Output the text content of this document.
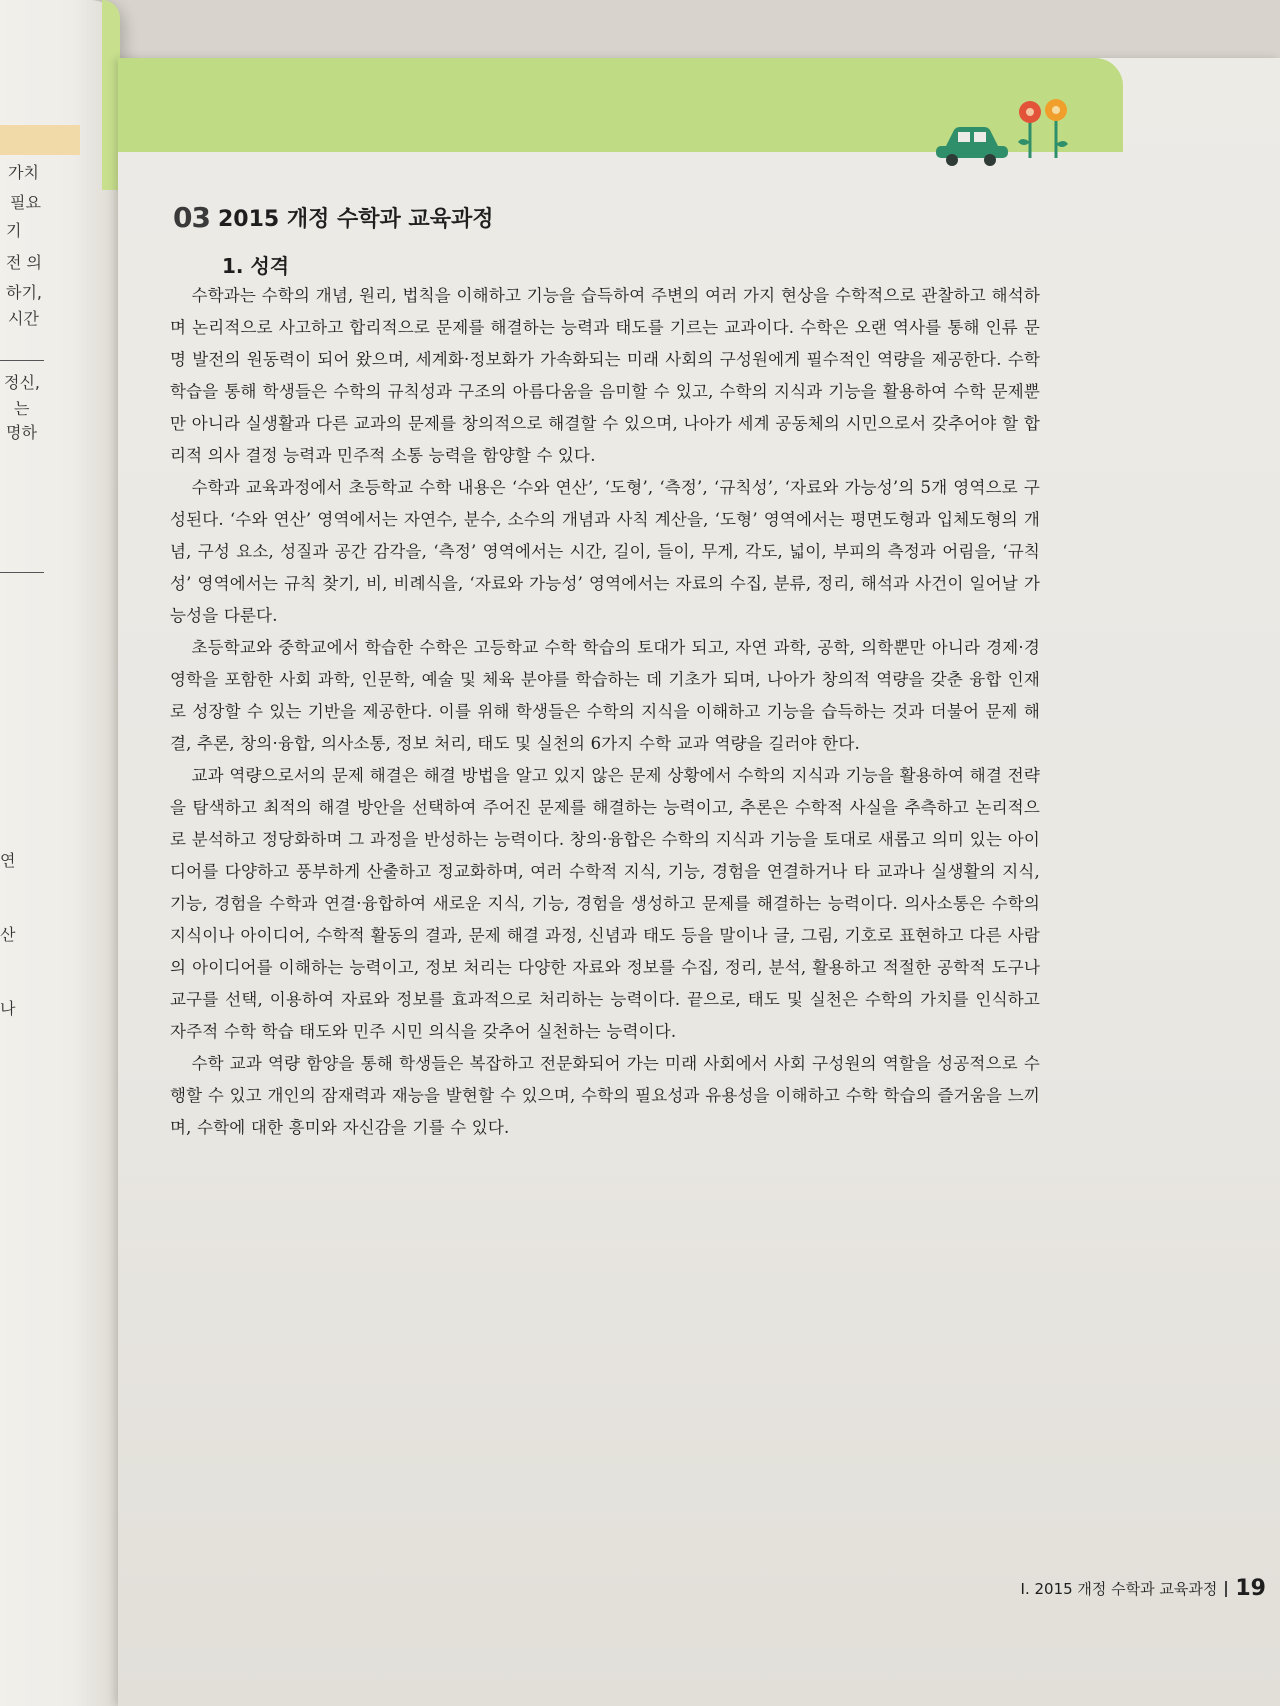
가치
필요
기
전 의
하기,
시간
정신,
는
명하
연
산
나
03 2015 개정 수학과 교육과정
1. 성격

수학과는 수학의 개념, 원리, 법칙을 이해하고 기능을 습득하여 주변의 여러 가지 현상을 수학적으로 관찰하고 해석하며 논리적으로 사고하고 합리적으로 문제를 해결하는 능력과 태도를 기르는 교과이다. 수학은 오랜 역사를 통해 인류 문명 발전의 원동력이 되어 왔으며, 세계화·정보화가 가속화되는 미래 사회의 구성원에게 필수적인 역량을 제공한다. 수학 학습을 통해 학생들은 수학의 규칙성과 구조의 아름다움을 음미할 수 있고, 수학의 지식과 기능을 활용하여 수학 문제뿐만 아니라 실생활과 다른 교과의 문제를 창의적으로 해결할 수 있으며, 나아가 세계 공동체의 시민으로서 갖추어야 할 합리적 의사 결정 능력과 민주적 소통 능력을 함양할 수 있다.

수학과 교육과정에서 초등학교 수학 내용은 ‘수와 연산’, ‘도형’, ‘측정’, ‘규칙성’, ‘자료와 가능성’의 5개 영역으로 구성된다. ‘수와 연산’ 영역에서는 자연수, 분수, 소수의 개념과 사칙 계산을, ‘도형’ 영역에서는 평면도형과 입체도형의 개념, 구성 요소, 성질과 공간 감각을, ‘측정’ 영역에서는 시간, 길이, 들이, 무게, 각도, 넓이, 부피의 측정과 어림을, ‘규칙성’ 영역에서는 규칙 찾기, 비, 비례식을, ‘자료와 가능성’ 영역에서는 자료의 수집, 분류, 정리, 해석과 사건이 일어날 가능성을 다룬다.

초등학교와 중학교에서 학습한 수학은 고등학교 수학 학습의 토대가 되고, 자연 과학, 공학, 의학뿐만 아니라 경제·경영학을 포함한 사회 과학, 인문학, 예술 및 체육 분야를 학습하는 데 기초가 되며, 나아가 창의적 역량을 갖춘 융합 인재로 성장할 수 있는 기반을 제공한다. 이를 위해 학생들은 수학의 지식을 이해하고 기능을 습득하는 것과 더불어 문제 해결, 추론, 창의·융합, 의사소통, 정보 처리, 태도 및 실천의 6가지 수학 교과 역량을 길러야 한다.

교과 역량으로서의 문제 해결은 해결 방법을 알고 있지 않은 문제 상황에서 수학의 지식과 기능을 활용하여 해결 전략을 탐색하고 최적의 해결 방안을 선택하여 주어진 문제를 해결하는 능력이고, 추론은 수학적 사실을 추측하고 논리적으로 분석하고 정당화하며 그 과정을 반성하는 능력이다. 창의·융합은 수학의 지식과 기능을 토대로 새롭고 의미 있는 아이디어를 다양하고 풍부하게 산출하고 정교화하며, 여러 수학적 지식, 기능, 경험을 연결하거나 타 교과나 실생활의 지식, 기능, 경험을 수학과 연결·융합하여 새로운 지식, 기능, 경험을 생성하고 문제를 해결하는 능력이다. 의사소통은 수학의 지식이나 아이디어, 수학적 활동의 결과, 문제 해결 과정, 신념과 태도 등을 말이나 글, 그림, 기호로 표현하고 다른 사람의 아이디어를 이해하는 능력이고, 정보 처리는 다양한 자료와 정보를 수집, 정리, 분석, 활용하고 적절한 공학적 도구나 교구를 선택, 이용하여 자료와 정보를 효과적으로 처리하는 능력이다. 끝으로, 태도 및 실천은 수학의 가치를 인식하고 자주적 수학 학습 태도와 민주 시민 의식을 갖추어 실천하는 능력이다.

수학 교과 역량 함양을 통해 학생들은 복잡하고 전문화되어 가는 미래 사회에서 사회 구성원의 역할을 성공적으로 수행할 수 있고 개인의 잠재력과 재능을 발현할 수 있으며, 수학의 필요성과 유용성을 이해하고 수학 학습의 즐거움을 느끼며, 수학에 대한 흥미와 자신감을 기를 수 있다.

I. 2015 개정 수학과 교육과정 19
